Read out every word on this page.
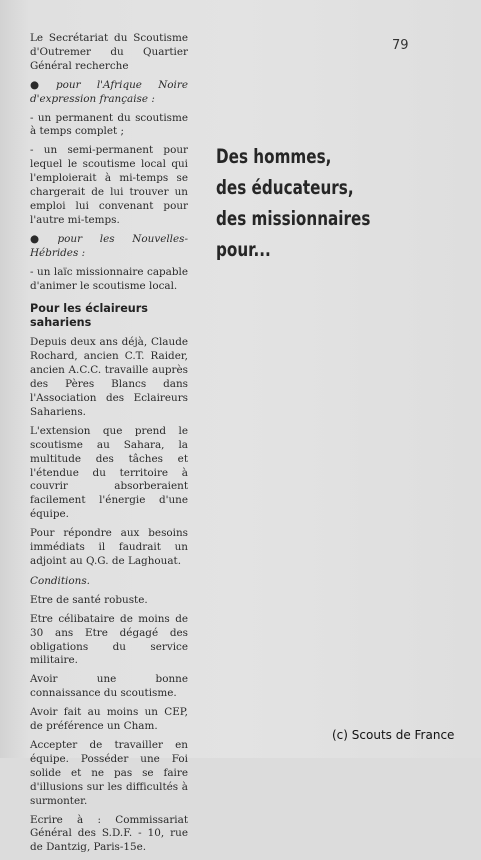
79

Le Secrétariat du Scoutisme d'Outremer du Quartier Général recherche

● pour l'Afrique Noire d'expression française :

- un permanent du scoutisme à temps complet ;

- un semi-permanent pour lequel le scoutisme local qui l'emploierait à mi-temps se chargerait de lui trouver un emploi lui convenant pour l'autre mi-temps.

● pour les Nouvelles-Hébrides :

- un laïc missionnaire capable d'animer le scoutisme local.

Pour les éclaireurs sahariens

Depuis deux ans déjà, Claude Rochard, ancien C.T. Raider, ancien A.C.C. travaille auprès des Pères Blancs dans l'Association des Eclaireurs Sahariens.

L'extension que prend le scoutisme au Sahara, la multitude des tâches et l'étendue du territoire à couvrir absorberaient facilement l'énergie d'une équipe.

Pour répondre aux besoins immédiats il faudrait un adjoint au Q.G. de Laghouat.

Conditions.

Etre de santé robuste.

Etre célibataire de moins de 30 ans Etre dégagé des obligations du service militaire.

Avoir une bonne connaissance du scoutisme.

Avoir fait au moins un CEP, de préférence un Cham.

Accepter de travailler en équipe. Posséder une Foi solide et ne pas se faire d'illusions sur les difficultés à surmonter.

Ecrire à : Commissariat Général des S.D.F. - 10, rue de Dantzig, Paris-15e.

Des hommes,
des éducateurs,
des missionnaires
pour...
(c) Scouts de France
